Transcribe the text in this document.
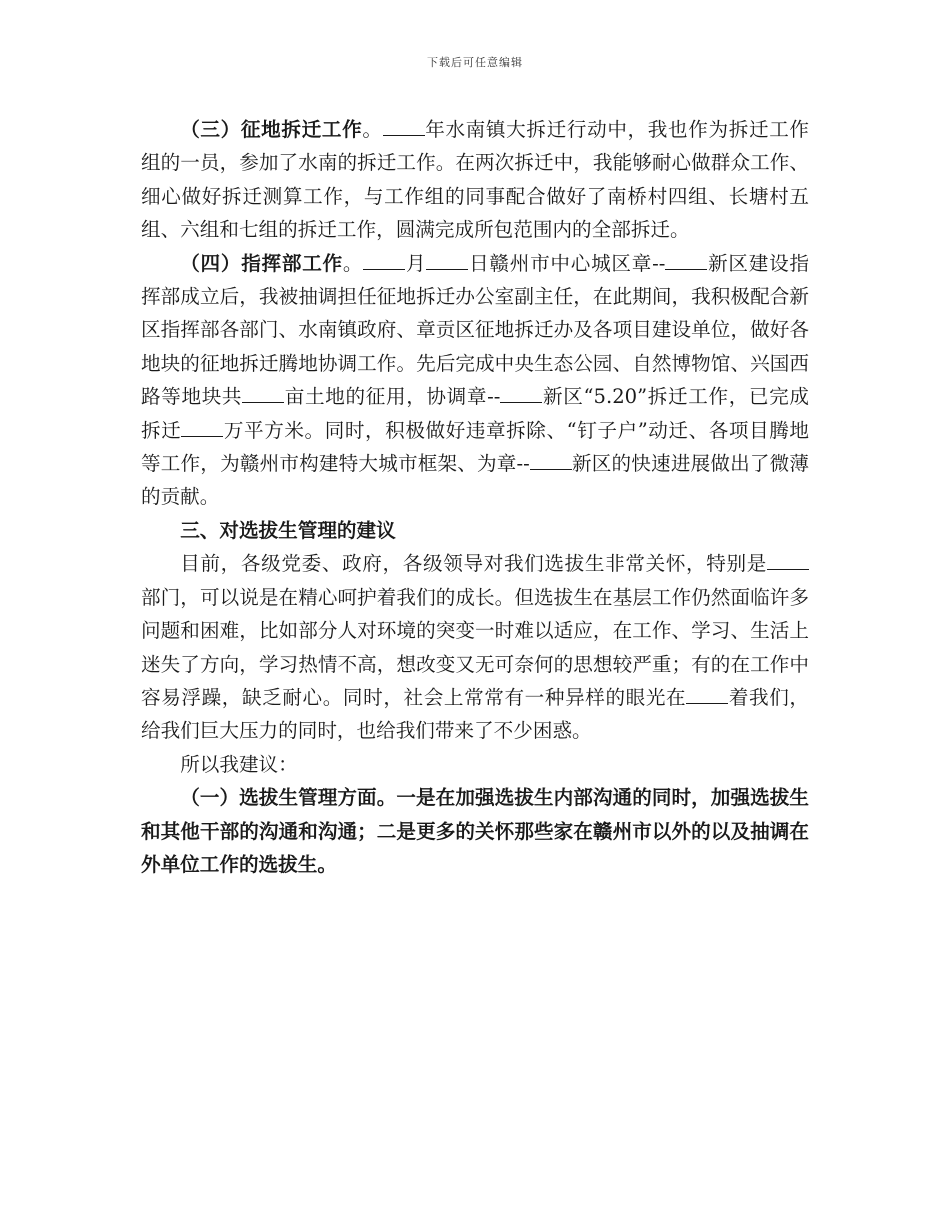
下载后可任意编辑

（三）征地拆迁工作。 年水南镇大拆迁行动中，我也作为拆迁工作组的一员，参加了水南的拆迁工作。在两次拆迁中，我能够耐心做群众工作、细心做好拆迁测算工作，与工作组的同事配合做好了南桥村四组、长塘村五组、六组和七组的拆迁工作，圆满完成所包范围内的全部拆迁。

（四）指挥部工作。 月 日赣州市中心城区章-- 新区建设指挥部成立后，我被抽调担任征地拆迁办公室副主任，在此期间，我积极配合新区指挥部各部门、水南镇政府、章贡区征地拆迁办及各项目建设单位，做好各地块的征地拆迁腾地协调工作。先后完成中央生态公园、自然博物馆、兴国西路等地块共 亩土地的征用，协调章-- 新区“5.20”拆迁工作，已完成拆迁 万平方米。同时，积极做好违章拆除、“钉子户”动迁、各项目腾地等工作，为赣州市构建特大城市框架、为章-- 新区的快速进展做出了微薄的贡献。

三、对选拔生管理的建议

目前，各级党委、政府，各级领导对我们选拔生非常关怀，特别是部门，可以说是在精心呵护着我们的成长。但选拔生在基层工作仍然面临许多问题和困难，比如部分人对环境的突变一时难以适应，在工作、学习、生活上迷失了方向，学习热情不高，想改变又无可奈何的思想较严重；有的在工作中容易浮躁，缺乏耐心。同时，社会上常常有一种异样的眼光在 着我们，给我们巨大压力的同时，也给我们带来了不少困惑。

所以我建议：

（一）选拔生管理方面。一是在加强选拔生内部沟通的同时，加强选拔生和其他干部的沟通和沟通；二是更多的关怀那些家在赣州市以外的以及抽调在外单位工作的选拔生。
